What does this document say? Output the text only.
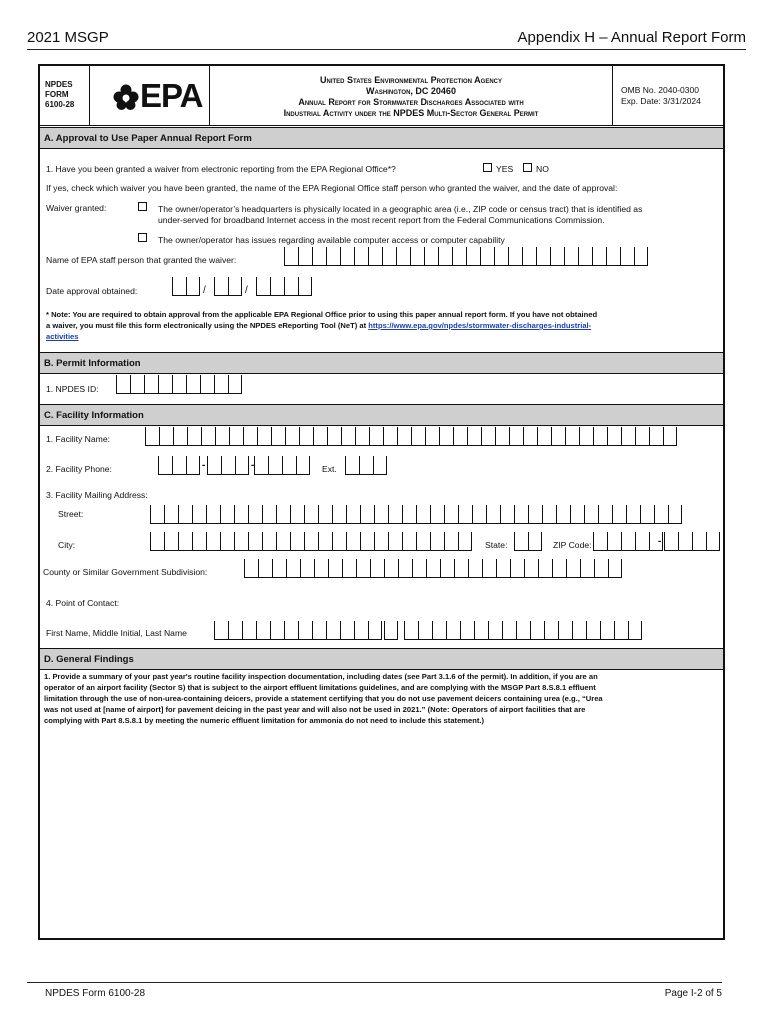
2021 MSGP	Appendix H – Annual Report Form
NPDES
FORM
6100-28	EPA	United States Environmental Protection Agency
Washington, DC 20460
Annual Report for Stormwater Discharges Associated with
Industrial Activity under the NPDES Multi-Sector General Permit
OMB No. 2040-0300
Exp. Date: 3/31/2024
A. Approval to Use Paper Annual Report Form
1. Have you been granted a waiver from electronic reporting from the EPA Regional Office*?	YES	NO
If yes, check which waiver you have been granted, the name of the EPA Regional Office staff person who granted the waiver, and the date of approval:
Waiver granted:	The owner/operator’s headquarters is physically located in a geographic area (i.e., ZIP code or census tract) that is identified as
under-served for broadband Internet access in the most recent report from the Federal Communications Commission.
The owner/operator has issues regarding available computer access or computer capability
Name of EPA staff person that granted the waiver:
Date approval obtained:	/	/
* Note: You are required to obtain approval from the applicable EPA Regional Office prior to using this paper annual report form. If you have not obtained
a waiver, you must file this form electronically using the NPDES eReporting Tool (NeT) at https://www.epa.gov/npdes/stormwater-discharges-industrial-
activities
B. Permit Information
1. NPDES ID:
C. Facility Information
1. Facility Name:
2. Facility Phone:	-	-	Ext.
3. Facility Mailing Address:
Street:
City:	State:	ZIP Code:	-
County or Similar Government Subdivision:
4. Point of Contact:
First Name, Middle Initial, Last Name
D. General Findings
1. Provide a summary of your past year's routine facility inspection documentation, including dates (see Part 3.1.6 of the permit). In addition, if you are an
operator of an airport facility (Sector S) that is subject to the airport effluent limitations guidelines, and are complying with the MSGP Part 8.S.8.1 effluent
limitation through the use of non-urea-containing deicers, provide a statement certifying that you do not use pavement deicers containing urea (e.g., “Urea
was not used at [name of airport] for pavement deicing in the past year and will also not be used in 2021.” (Note: Operators of airport facilities that are
complying with Part 8.S.8.1 by meeting the numeric effluent limitation for ammonia do not need to include this statement.)
NPDES Form 6100-28	Page I-2 of 5
